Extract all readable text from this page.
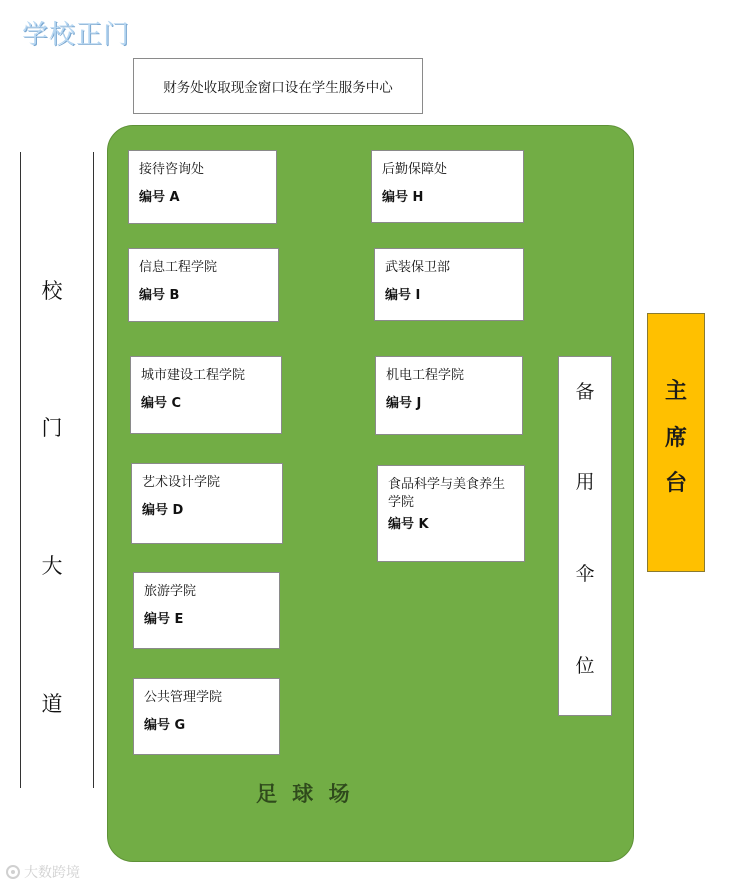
学校正门
财务处收取现金窗口设在学生服务中心
校
门
大
道
接待咨询处
编号 A
信息工程学院
编号 B
城市建设工程学院
编号 C
艺术设计学院
编号 D
旅游学院
编号 E
公共管理学院
编号 G
后勤保障处
编号 H
武装保卫部
编号 I
机电工程学院
编号 J
食品科学与美食养生学院
编号 K
备
用
伞
位
主
席
台
足 球 场
大数跨境
